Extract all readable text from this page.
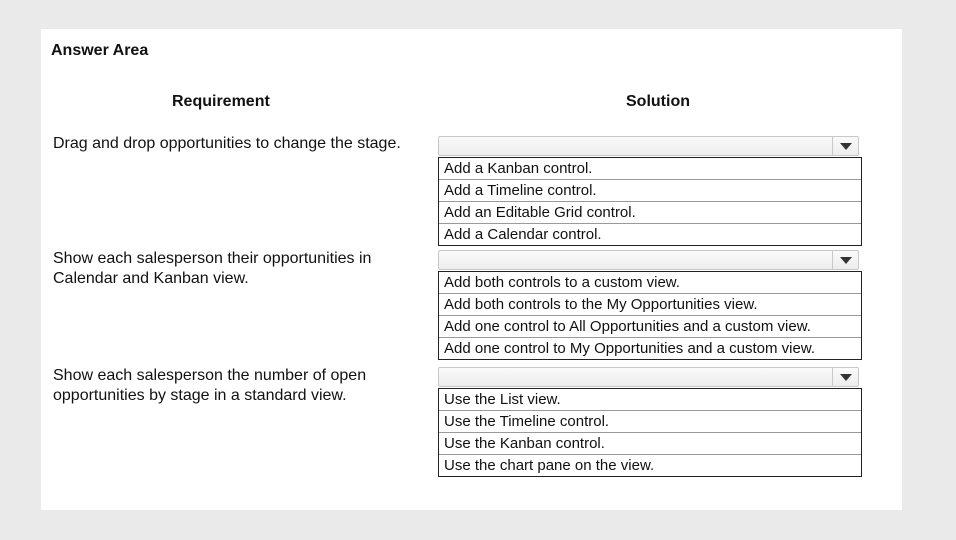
Answer Area
Requirement	Solution
Drag and drop opportunities to change the stage.
Add a Kanban control.
Add a Timeline control.
Add an Editable Grid control.
Add a Calendar control.
Show each salesperson their opportunities in Calendar and Kanban view.	Add both controls to a custom view.
Add both controls to the My Opportunities view.
Add one control to All Opportunities and a custom view.
Add one control to My Opportunities and a custom view.
Show each salesperson the number of open opportunities by stage in a standard view.	Use the List view.
Use the Timeline control.
Use the Kanban control.
Use the chart pane on the view.
